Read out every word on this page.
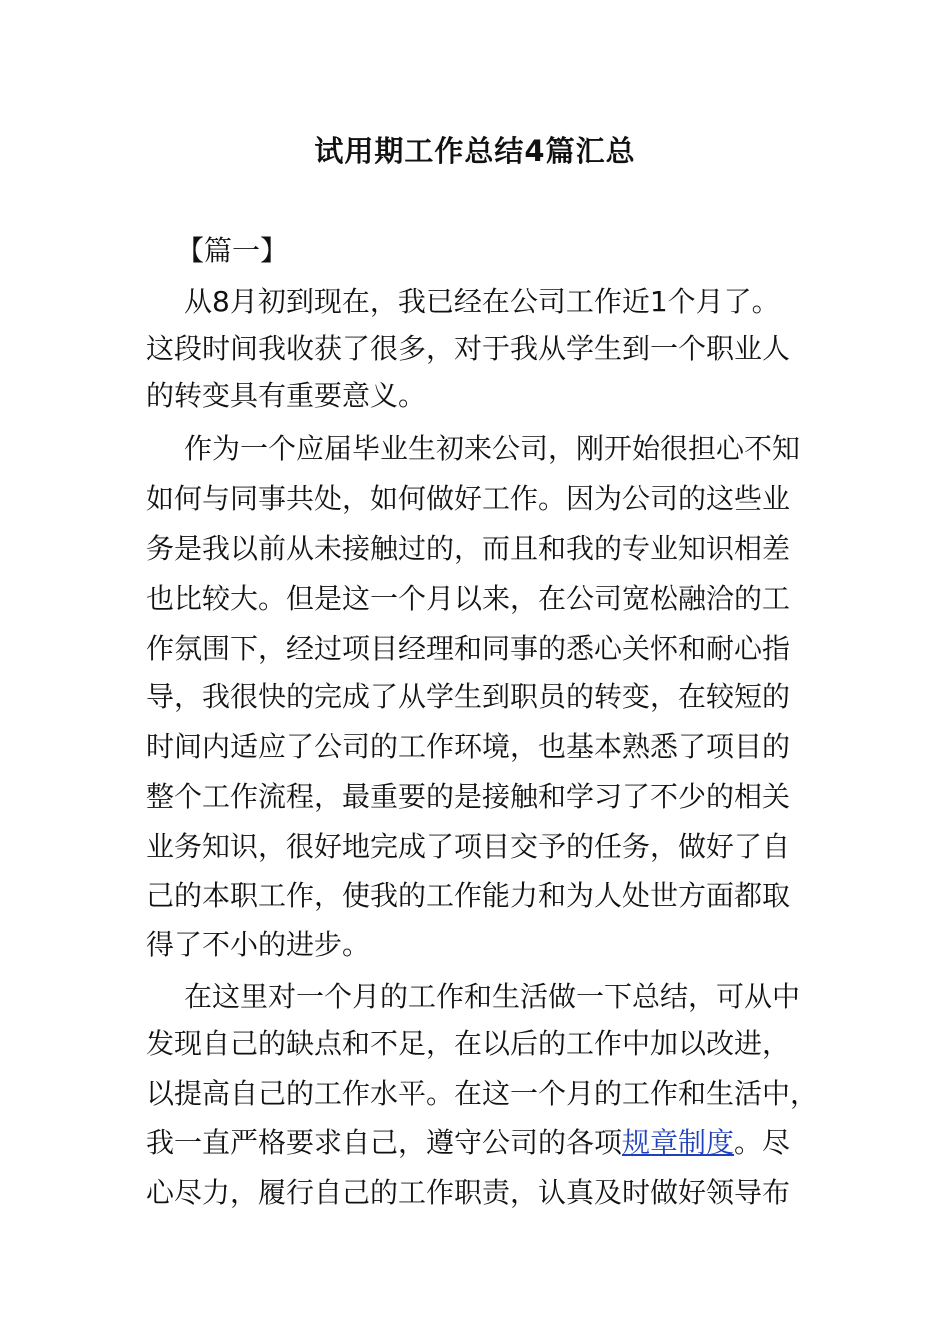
试用期工作总结4篇汇总

【篇一】

从8月初到现在，我已经在公司工作近1个月了。

这段时间我收获了很多，对于我从学生到一个职业人

的转变具有重要意义。

作为一个应届毕业生初来公司，刚开始很担心不知

如何与同事共处，如何做好工作。因为公司的这些业

务是我以前从未接触过的，而且和我的专业知识相差

也比较大。但是这一个月以来，在公司宽松融洽的工

作氛围下，经过项目经理和同事的悉心关怀和耐心指

导，我很快的完成了从学生到职员的转变，在较短的

时间内适应了公司的工作环境，也基本熟悉了项目的

整个工作流程，最重要的是接触和学习了不少的相关

业务知识，很好地完成了项目交予的任务，做好了自

己的本职工作，使我的工作能力和为人处世方面都取

得了不小的进步。

在这里对一个月的工作和生活做一下总结，可从中

发现自己的缺点和不足，在以后的工作中加以改进，

以提高自己的工作水平。在这一个月的工作和生活中，

我一直严格要求自己，遵守公司的各项规章制度。尽

心尽力，履行自己的工作职责，认真及时做好领导布
